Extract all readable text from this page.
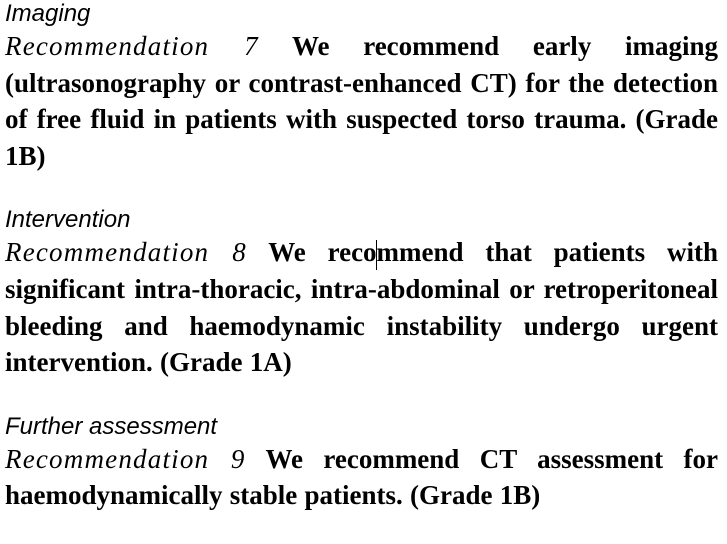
Imaging

Recommendation 7 We recommend early imaging (ultrasonography or contrast-enhanced CT) for the detection of free fluid in patients with suspected torso trauma. (Grade 1B)

Intervention

Recommendation 8 We recommend that patients with significant intra-thoracic, intra-abdominal or retroperitoneal bleeding and haemodynamic instability undergo urgent intervention. (Grade 1A)

Further assessment

Recommendation 9 We recommend CT assessment for haemodynamically stable patients. (Grade 1B)
